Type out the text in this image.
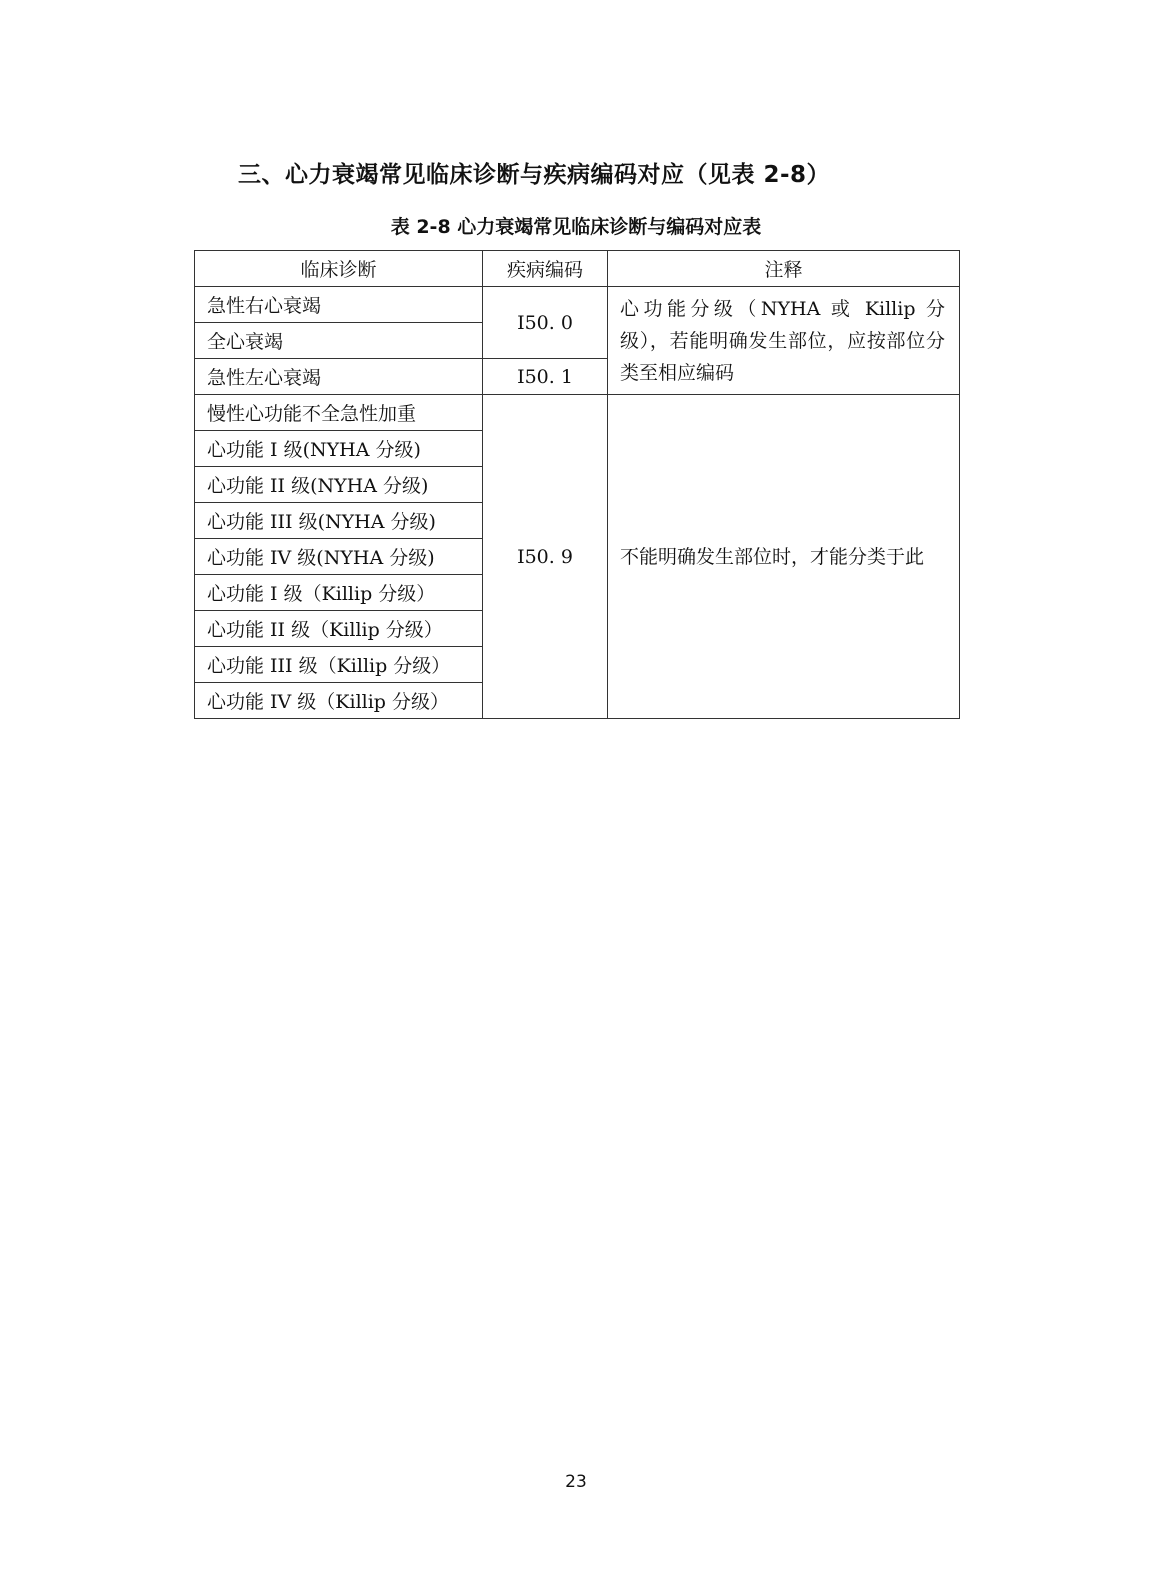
三、心力衰竭常见临床诊断与疾病编码对应（见表 2-8）
表 2-8 心力衰竭常见临床诊断与编码对应表
临床诊断	疾病编码	注释
急性右心衰竭	I50. 0	心功能分级（NYHA 或 Killip 分级），若能明确发生部位，应按部位分类至相应编码
全心衰竭		
急性左心衰竭	I50. 1	
慢性心功能不全急性加重	I50. 9	不能明确发生部位时，才能分类于此
心功能 I 级(NYHA 分级)		
心功能 II 级(NYHA 分级)		
心功能 III 级(NYHA 分级)		
心功能 IV 级(NYHA 分级)		
心功能 I 级（Killip 分级）		
心功能 II 级（Killip 分级）		
心功能 III 级（Killip 分级）		
心功能 IV 级（Killip 分级）		
23
